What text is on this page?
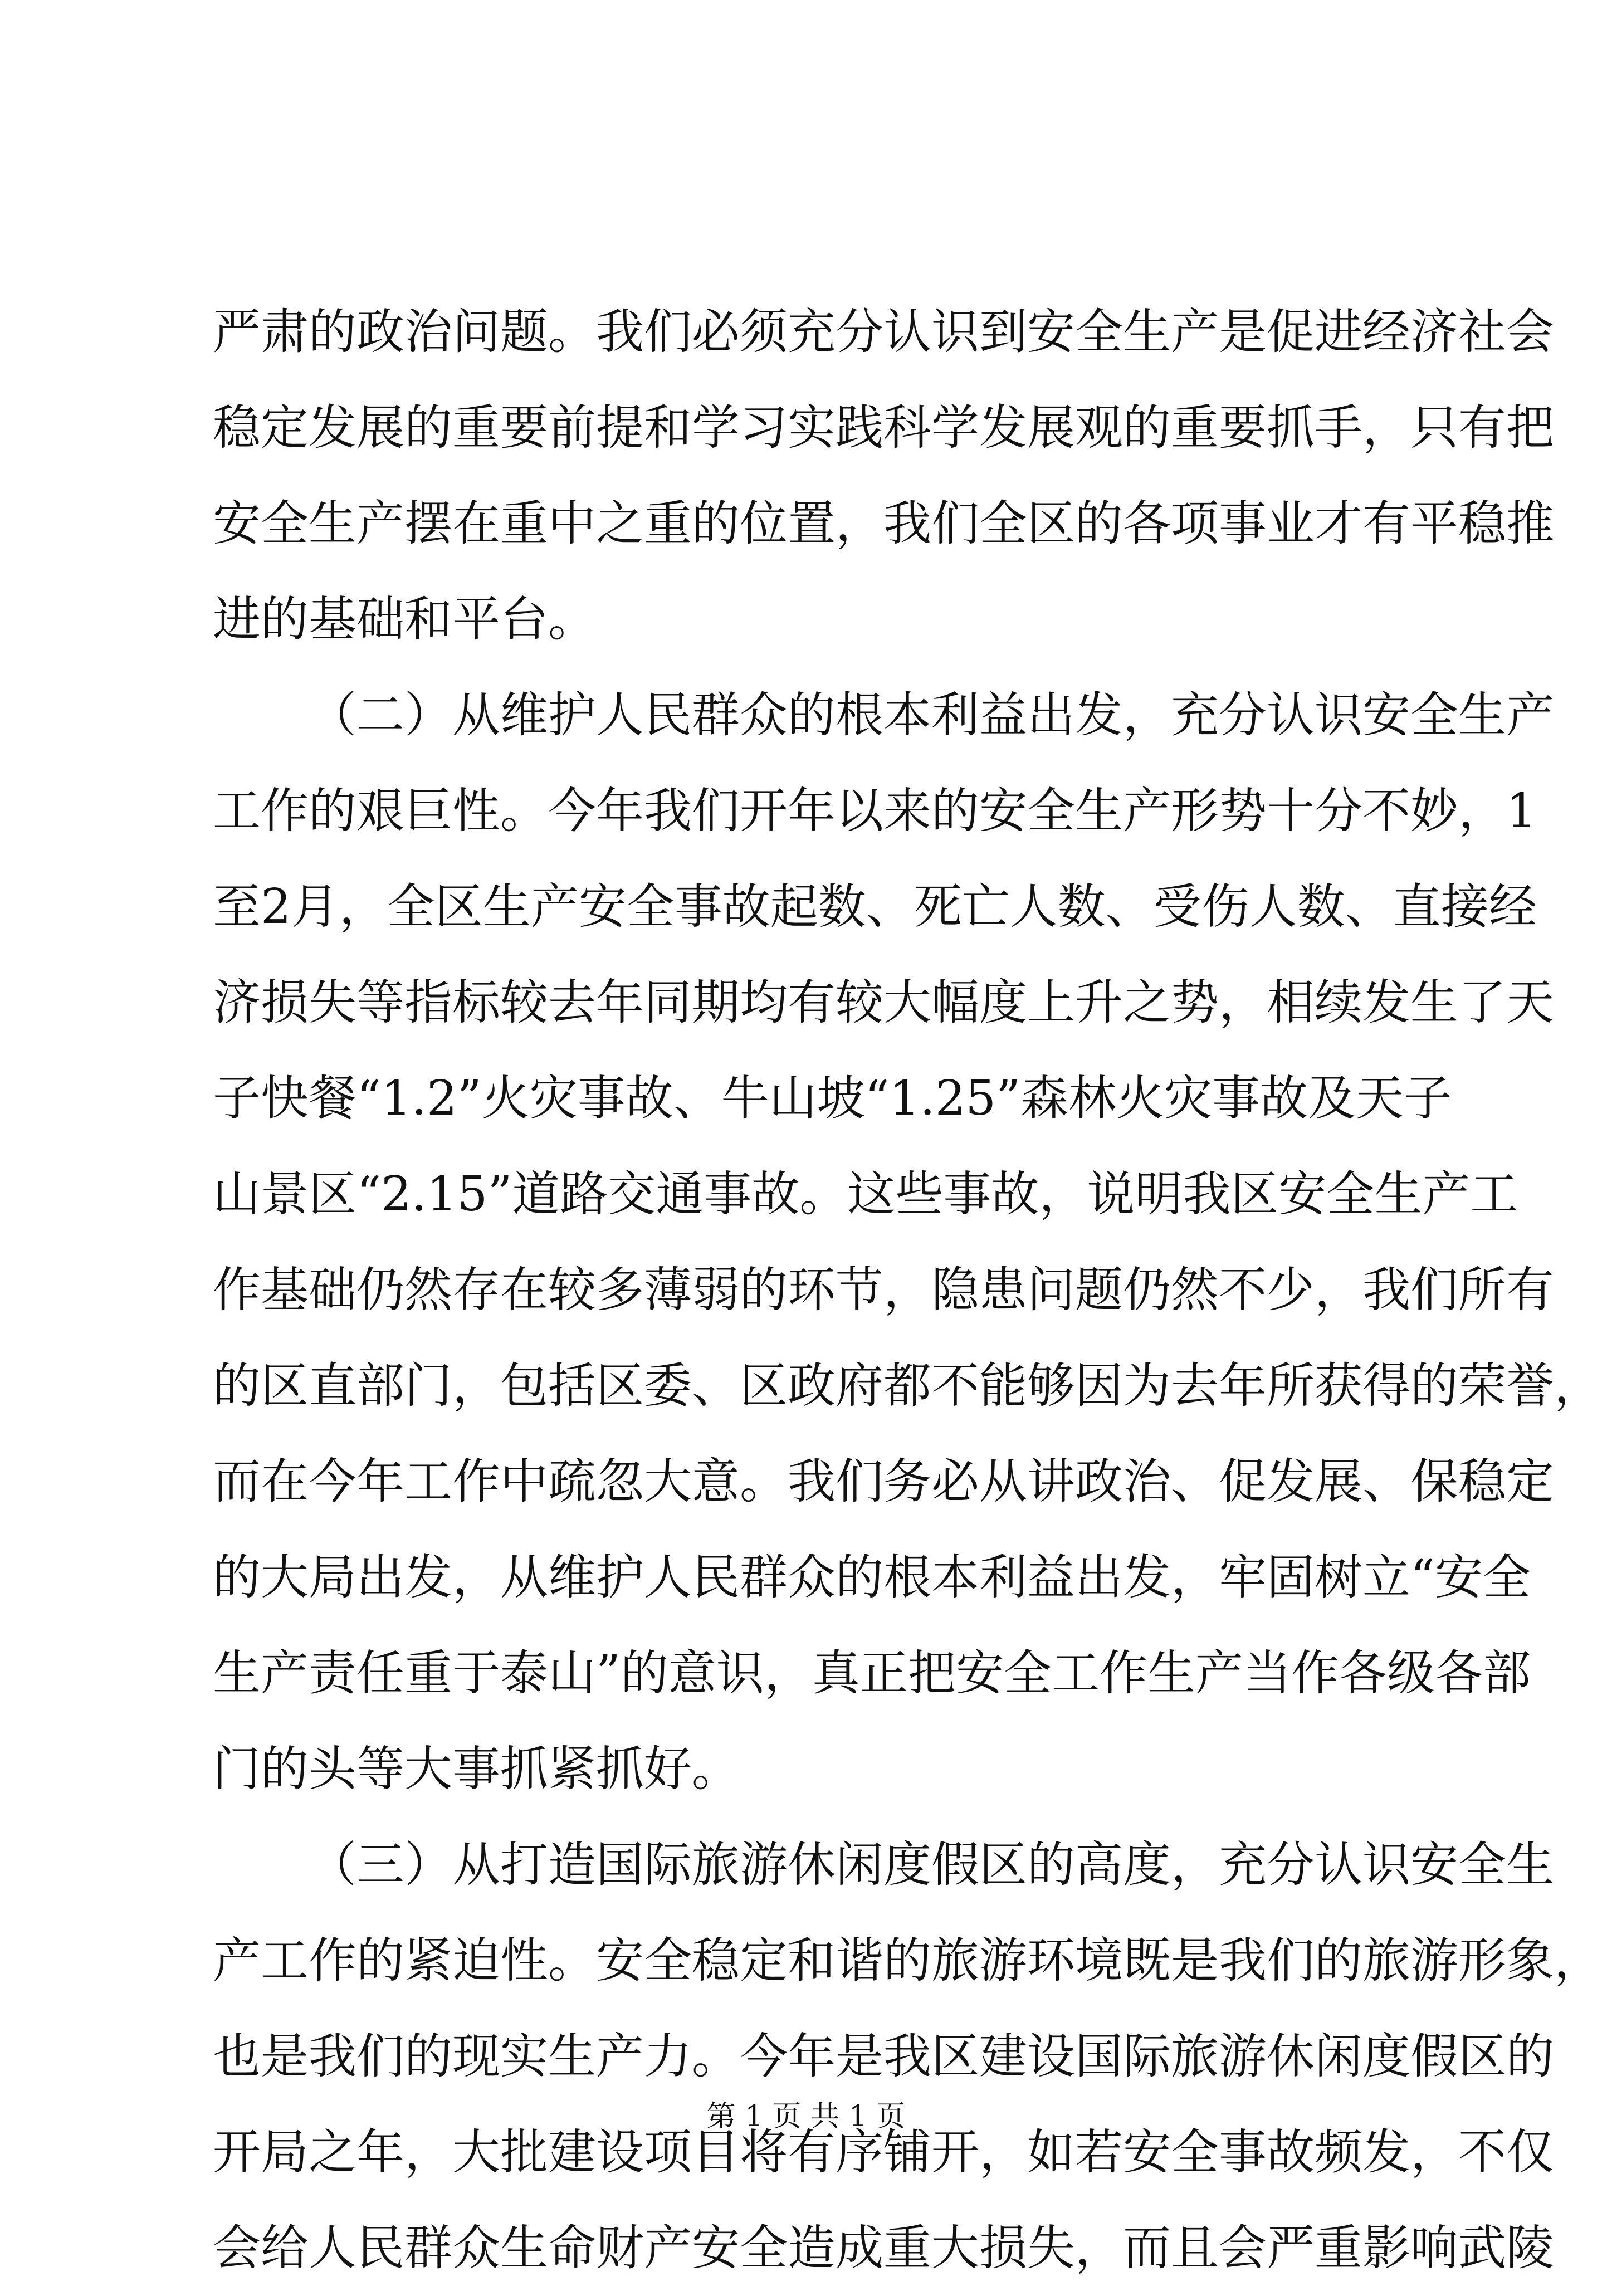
严肃的政治问题。我们必须充分认识到安全生产是促进经济社会
稳定发展的重要前提和学习实践科学发展观的重要抓手，只有把
安全生产摆在重中之重的位置，我们全区的各项事业才有平稳推
进的基础和平台。
（二）从维护人民群众的根本利益出发，充分认识安全生产
工作的艰巨性。今年我们开年以来的安全生产形势十分不妙，1
至2月，全区生产安全事故起数、死亡人数、受伤人数、直接经
济损失等指标较去年同期均有较大幅度上升之势，相续发生了天
子快餐“1.2”火灾事故、牛山坡“1.25”森林火灾事故及天子
山景区“2.15”道路交通事故。这些事故，说明我区安全生产工
作基础仍然存在较多薄弱的环节，隐患问题仍然不少，我们所有
的区直部门，包括区委、区政府都不能够因为去年所获得的荣誉，
而在今年工作中疏忽大意。我们务必从讲政治、促发展、保稳定
的大局出发，从维护人民群众的根本利益出发，牢固树立“安全
生产责任重于泰山”的意识，真正把安全工作生产当作各级各部
门的头等大事抓紧抓好。
（三）从打造国际旅游休闲度假区的高度，充分认识安全生
产工作的紧迫性。安全稳定和谐的旅游环境既是我们的旅游形象，
也是我们的现实生产力。今年是我区建设国际旅游休闲度假区的
开局之年，大批建设项目将有序铺开，如若安全事故频发，不仅
会给人民群众生命财产安全造成重大损失，而且会严重影响武陵
第 1 页 共 1 页
